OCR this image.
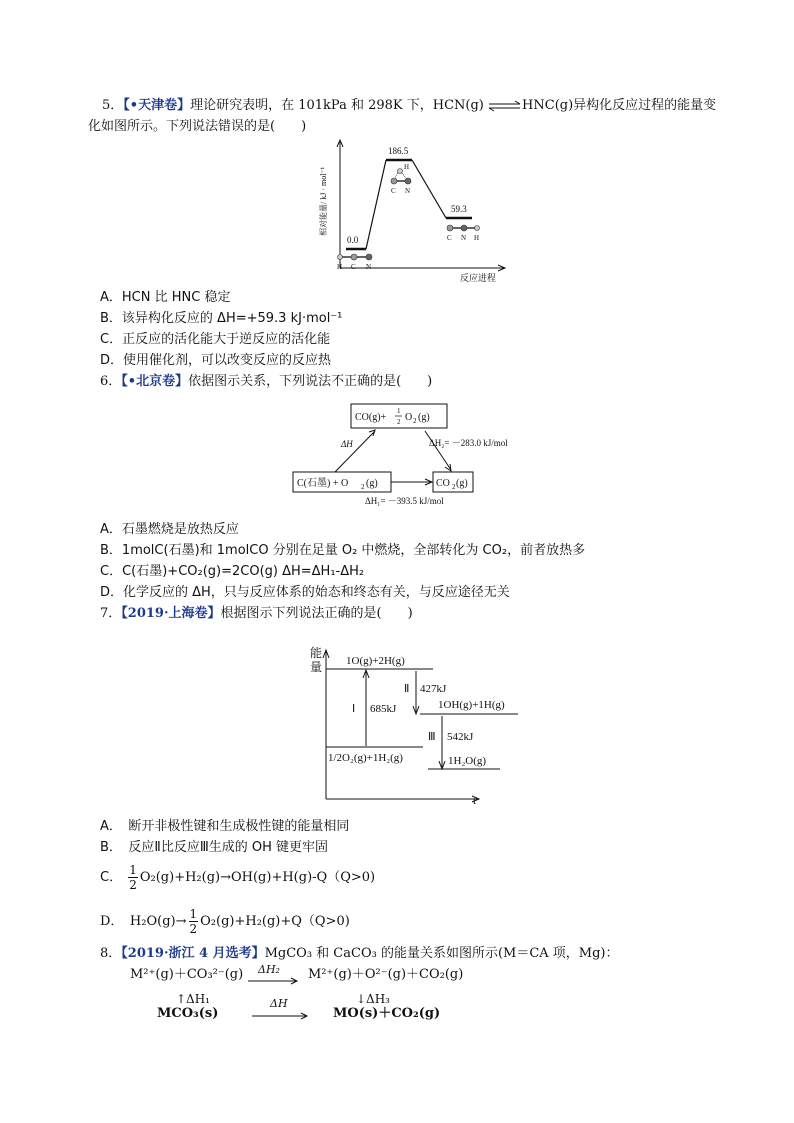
5．【•天津卷】理论研究表明，在 101kPa 和 298K 下，HCN(g) ⇌HNC(g)异构化反应过程的能量变
化如图所示。下列说法错误的是(　　)
相对能量/ kJ · mol⁻¹
反应进程
0.0
186.5
59.3
H C N
H
C N
C N H
A．HCN 比 HNC 稳定
B．该异构化反应的 ΔH=+59.3 kJ·mol⁻¹
C．正反应的活化能大于逆反应的活化能
D．使用催化剂，可以改变反应的反应热
6．【•北京卷】依据图示关系，下列说法不正确的是(　　)
CO(g)+
1
2 O 2 (g)
C(石墨) + O 2 (g)	CO 2 (g)
ΔH	ΔH₂= －283.0 kJ/mol
ΔH₁= －393.5 kJ/mol
A．石墨燃烧是放热反应
B．1molC(石墨)和 1molCO 分别在足量 O₂ 中燃烧，全部转化为 CO₂，前者放热多
C．C(石墨)+CO₂(g)=2CO(g) ΔH=ΔH₁-ΔH₂
D．化学反应的 ΔH，只与反应体系的始态和终态有关，与反应途径无关
7．【2019·上海卷】根据图示下列说法正确的是(　　)
能
量
t
1O(g)+2H(g)
1OH(g)+1H(g)
1/2O₂(g)+1H₂(g)	1H₂O(g)
Ⅰ 685kJ
Ⅱ 427kJ
Ⅲ 542kJ
A．　断开非极性键和生成极性键的能量相同
B．　反应Ⅱ比反应Ⅲ生成的 OH 键更牢固
C． $\frac{1}{2} O_2(g)+H_2(g)\to OH(g)+H(g)-Q(Q>0)$
D．　$H_2O(g)\to \frac{1}{2} O_2(g)+H_2(g)+Q(Q>0)$
8．【2019·浙江 4 月选考】MgCO₃ 和 CaCO₃ 的能量关系如图所示(M＝CA 项，Mg)：
M²⁺(g)＋CO₃²⁻(g) ΔH₂ M²⁺(g)＋O²⁻(g)＋CO₂(g)
↑ΔH₁	↓ΔH₃
MCO₃(s)
ΔH
MO(s)＋CO₂(g)
